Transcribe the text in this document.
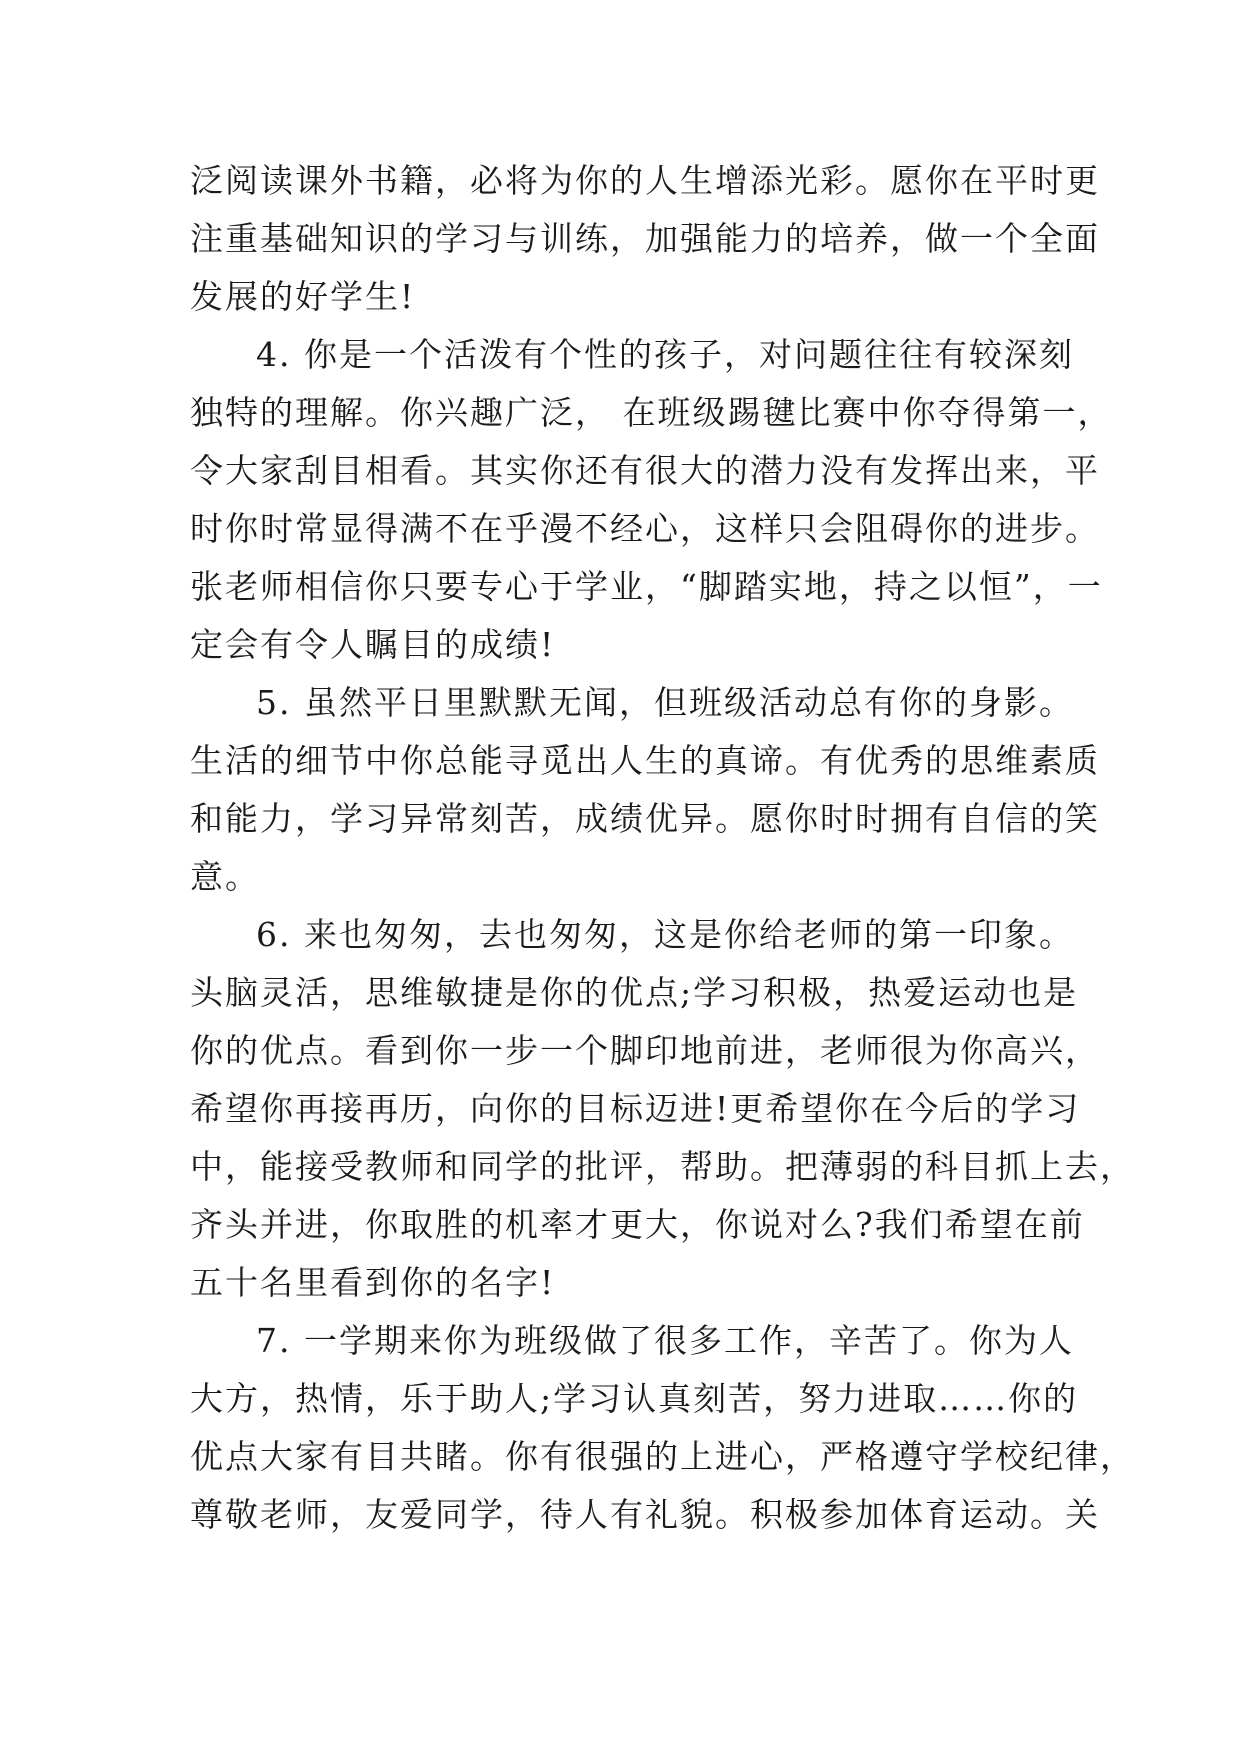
泛阅读课外书籍，必将为你的人生增添光彩。愿你在平时更
注重基础知识的学习与训练，加强能力的培养，做一个全面
发展的好学生!
4. 你是一个活泼有个性的孩子，对问题往往有较深刻
独特的理解。你兴趣广泛， 在班级踢毽比赛中你夺得第一，
令大家刮目相看。其实你还有很大的潜力没有发挥出来，平
时你时常显得满不在乎漫不经心，这样只会阻碍你的进步。
张老师相信你只要专心于学业，“脚踏实地，持之以恒”，一
定会有令人瞩目的成绩!
5. 虽然平日里默默无闻，但班级活动总有你的身影。
生活的细节中你总能寻觅出人生的真谛。有优秀的思维素质
和能力，学习异常刻苦，成绩优异。愿你时时拥有自信的笑
意。
6. 来也匆匆，去也匆匆，这是你给老师的第一印象。
头脑灵活，思维敏捷是你的优点;学习积极，热爱运动也是
你的优点。看到你一步一个脚印地前进，老师很为你高兴，
希望你再接再历，向你的目标迈进!更希望你在今后的学习
中，能接受教师和同学的批评，帮助。把薄弱的科目抓上去，
齐头并进，你取胜的机率才更大，你说对么?我们希望在前
五十名里看到你的名字!
7. 一学期来你为班级做了很多工作，辛苦了。你为人
大方，热情，乐于助人;学习认真刻苦，努力进取……你的
优点大家有目共睹。你有很强的上进心，严格遵守学校纪律，
尊敬老师，友爱同学，待人有礼貌。积极参加体育运动。关
